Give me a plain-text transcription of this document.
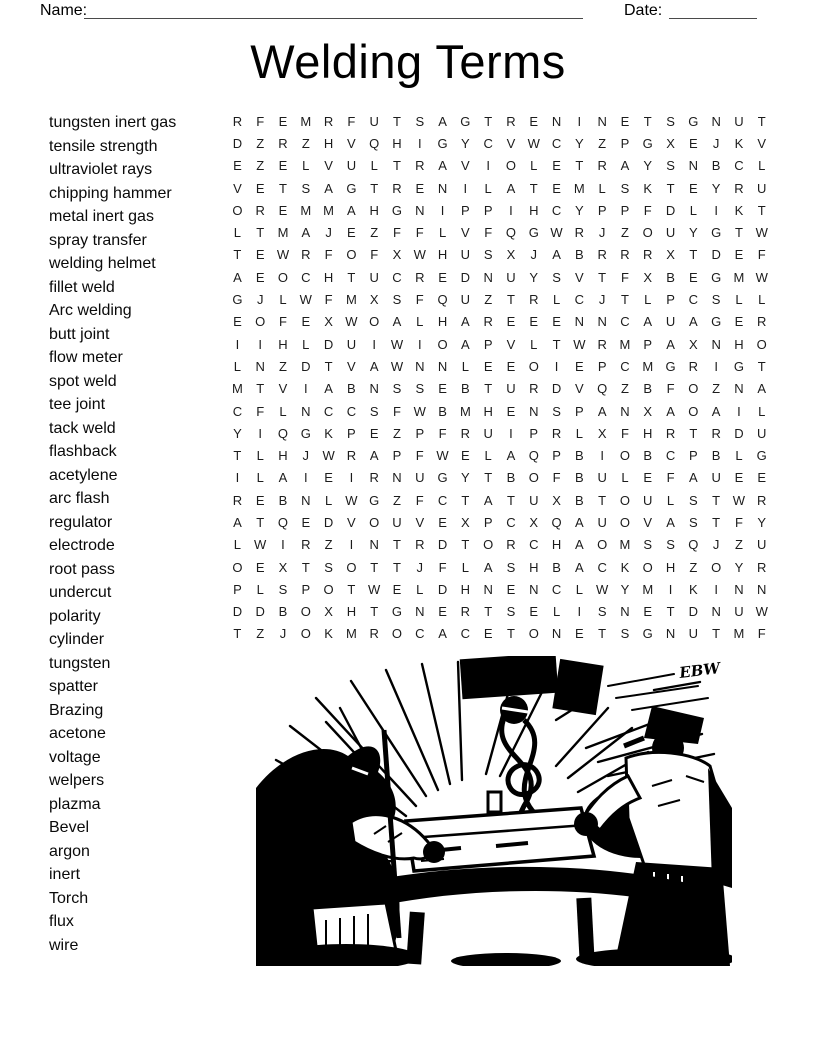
Name:	Date:
Welding Terms
tungsten inert gas
tensile strength
ultraviolet rays
chipping hammer
metal inert gas
spray transfer
welding helmet
fillet weld
Arc welding
butt joint
flow meter
spot weld
tee joint
tack weld
flashback
acetylene
arc flash
regulator
electrode
root pass
undercut
polarity
cylinder
tungsten
spatter
Brazing
acetone
voltage
welpers
plazma
Bevel
argon
inert
Torch
flux
wire
R F E M R F U T S A G T R E N I N E T S G N U T
D Z R Z H V Q H I G Y C V W C Y Z P G X E J K V
E Z E L V U L T R A V I O L E T R A Y S N B C L
V E T S A G T R E N I L A T E M L S K T E Y R U
O R E M M A H G N I P P I H C Y P P F D L I K T
L T M A J E Z F F L V F Q G W R J Z O U Y G T W
T E W R F O F X W H U S X J A B R R R X T D E F
A E O C H T U C R E D N U Y S V T F X B E G M W
G J L W F M X S F Q U Z T R L C J T L P C S L L
E O F E X W O A L H A R E E E N N C A U A G E R
I I H L D U I W I O A P V L T W R M P A X N H O
L N Z D T V A W N N L E E O I E P C M G R I G T
M T V I A B N S S E B T U R D V Q Z B F O Z N A
C F L N C C S F W B M H E N S P A N X A O A I L
Y I Q G K P E Z P F R U I P R L X F H R T R D U
T L H J W R A P F W E L A Q P B I O B C P B L G
I L A I E I R N U G Y T B O F B U L E F A U E E
R E B N L W G Z F C T A T U X B T O U L S T W R
A T Q E D V O U V E X P C X Q A U O V A S T F Y
L W I R Z I N T R D T O R C H A O M S S Q J Z U
O E X T S O T T J F L A S H B A C K O H Z O Y R
P L S P O T W E L D H N E N C L W Y M I K I N N
D D B O X H T G N E R T S E L I S N E T D N U W
T Z J O K M R O C A C E T O N E T S G N U T M F
EBW
